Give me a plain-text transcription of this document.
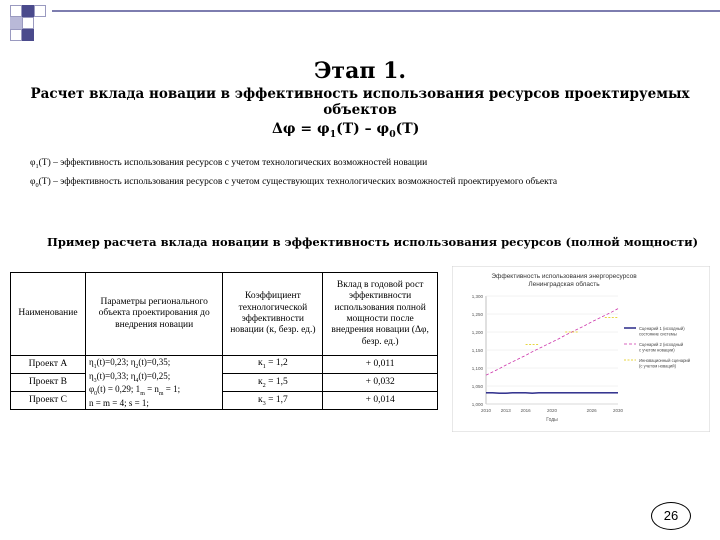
Этап 1.
Расчет вклада новации в эффективность использования ресурсов проектируемых объектов
$\Delta\varphi = \varphi_1(T) - \varphi_0(T)$
$\varphi_1(T)$ – эффективность использования ресурсов с учетом технологических возможностей новации
$\varphi_0(T)$ – эффективность использования ресурсов с учетом существующих технологических возможностей проектируемого объекта
Пример расчета вклада новации в эффективность использования ресурсов (полной мощности)
Наименование	Параметры регионального объекта проектирования до внедрения новации	Коэффициент технологической эффективности новации (к, безр. ед.)	Вклад в годовой рост эффективности использования полной мощности после внедрения новации (Δφ, безр. ед.)
Проект A	$\eta_1(t)=0,23$; $\eta_2(t)=0,35$;
$\eta_3(t)=0,33$; $\eta_4(t)=0,25$;
$\varphi_0(t) = 0,29$; $1_m = n_m = 1$;
n = m = 4; s = 1;	$к_1 = 1,2$	+ 0,011
Проект B		$к_2 = 1,5$	+ 0,032
Проект C		$к_3 = 1,7$	+ 0,014
Эффективность использования энергоресурсов Ленинградская область
1,000
1,050
1,100
1,150
1,200
1,250
1,300
2010 2013 2016	2020	2026	2030
Годы
Сценарий 1 (исходный)
состояние системы
Сценарий 2 (исходный
с учетом новации)
Инновационный сценарий
(с учетом новаций)
26
